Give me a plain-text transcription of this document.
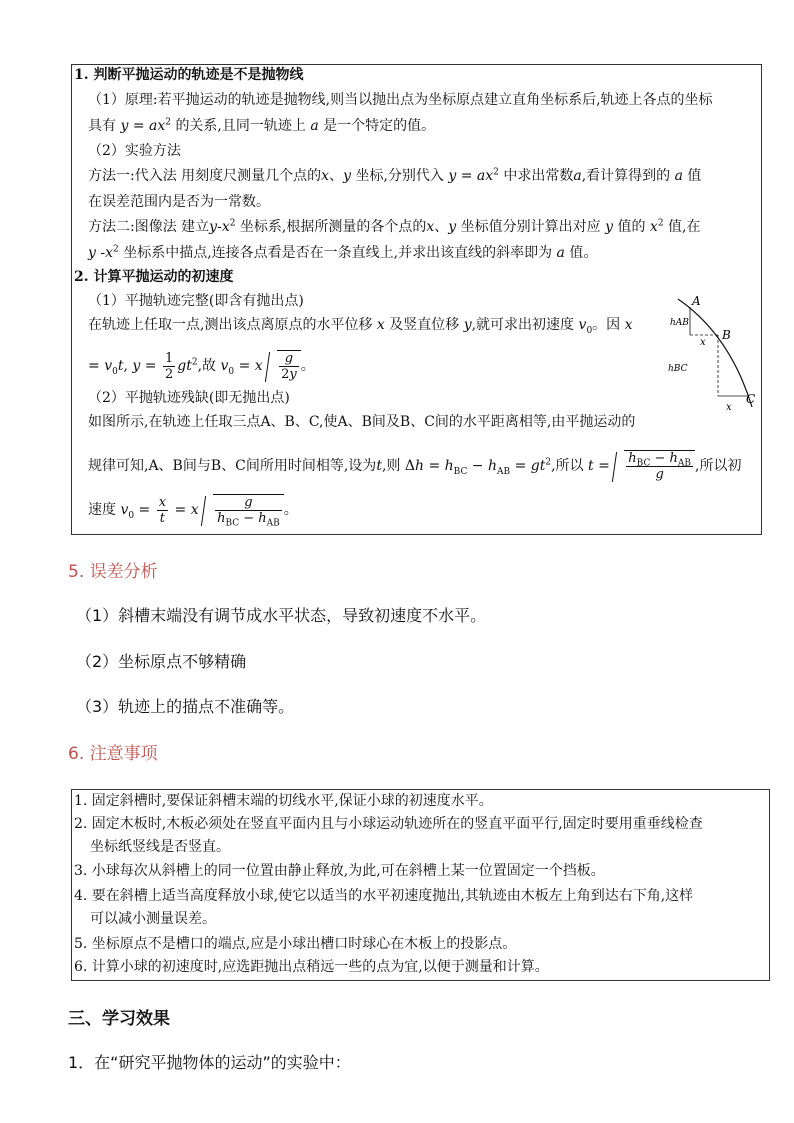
1. 判断平抛运动的轨迹是不是抛物线
（1）原理:若平抛运动的轨迹是抛物线,则当以抛出点为坐标原点建立直角坐标系后,轨迹上各点的坐标
具有 $y = ax^2$ 的关系,且同一轨迹上 a 是一个特定的值。
（2）实验方法
方法一:代入法 用刻度尺测量几个点的x、y 坐标,分别代入 $y = ax^2$ 中求出常数a,看计算得到的 a 值
在误差范围内是否为一常数。
方法二:图像法 建立$y-x^2$ 坐标系,根据所测量的各个点的x、y 坐标值分别计算出对应 y 值的 $x^2$ 值,在
y $-x^2$ 坐标系中描点,连接各点看是否在一条直线上,并求出该直线的斜率即为 a 值。
2. 计算平抛运动的初速度
（1）平抛轨迹完整(即含有抛出点)
在轨迹上任取一点,测出该点离原点的水平位移 x 及竖直位移 y,就可求出初速度 $v_0$。因 x
= $v_0t$, $y = \frac{1}{2} gt^2$,故 $v_0 = x \frac{g}{2y}$ 。
（2）平抛轨迹残缺(即无抛出点)
如图所示,在轨迹上任取三点A、B、C,使A、B间及B、C间的水平距离相等,由平抛运动的
规律可知,A、B间与B、C间所用时间相等,设为t,则 $\Delta h = h_{BC} - h_{AB} = gt^2$,所以 $t = \frac{h_{BC} - h_{AB}}{g}$ ,所以初
速度 $v_0 = \frac{x}{t} = x \frac{g}{h_{BC} - h_{AB}}$ 。
A
B
C
hAB
hBC
x
x
5. 误差分析
（1）斜槽末端没有调节成水平状态，导致初速度不水平。
（2）坐标原点不够精确
（3）轨迹上的描点不准确等。
6. 注意事项
1. 固定斜槽时,要保证斜槽末端的切线水平,保证小球的初速度水平。
2. 固定木板时,木板必须处在竖直平面内且与小球运动轨迹所在的竖直平面平行,固定时要用重垂线检查
坐标纸竖线是否竖直。
3. 小球每次从斜槽上的同一位置由静止释放,为此,可在斜槽上某一位置固定一个挡板。
4. 要在斜槽上适当高度释放小球,使它以适当的水平初速度抛出,其轨迹由木板左上角到达右下角,这样
可以减小测量误差。
5. 坐标原点不是槽口的端点,应是小球出槽口时球心在木板上的投影点。
6. 计算小球的初速度时,应选距抛出点稍远一些的点为宜,以便于测量和计算。
三、学习效果
1．在“研究平抛物体的运动”的实验中：
